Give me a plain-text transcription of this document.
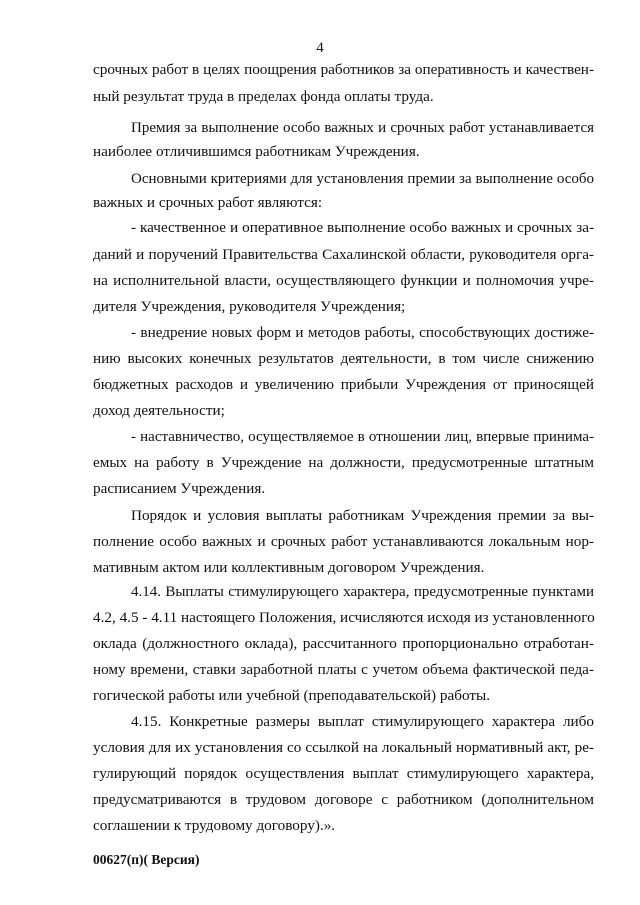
4
срочных работ в целях поощрения работников за оперативность и качествен-
ный результат труда в пределах фонда оплаты труда.
Премия за выполнение особо важных и срочных работ устанавливается
наиболее отличившимся работникам Учреждения.
Основными критериями для установления премии за выполнение особо
важных и срочных работ являются:
- качественное и оперативное выполнение особо важных и срочных за-
даний и поручений Правительства Сахалинской области, руководителя орга-
на исполнительной власти, осуществляющего функции и полномочия учре-
дителя Учреждения, руководителя Учреждения;
- внедрение новых форм и методов работы, способствующих достиже-
нию высоких конечных результатов деятельности, в том числе снижению
бюджетных расходов и увеличению прибыли Учреждения от приносящей
доход деятельности;
- наставничество, осуществляемое в отношении лиц, впервые принима-
емых на работу в Учреждение на должности, предусмотренные штатным
расписанием Учреждения.
Порядок и условия выплаты работникам Учреждения премии за вы-
полнение особо важных и срочных работ устанавливаются локальным нор-
мативным актом или коллективным договором Учреждения.
4.14. Выплаты стимулирующего характера, предусмотренные пунктами
4.2, 4.5 - 4.11 настоящего Положения, исчисляются исходя из установленного
оклада (должностного оклада), рассчитанного пропорционально отработан-
ному времени, ставки заработной платы с учетом объема фактической педа-
гогической работы или учебной (преподавательской) работы.
4.15. Конкретные размеры выплат стимулирующего характера либо
условия для их установления со ссылкой на локальный нормативный акт, ре-
гулирующий порядок осуществления выплат стимулирующего характера,
предусматриваются в трудовом договоре с работником (дополнительном
соглашении к трудовому договору).».
00627(п)( Версия)
